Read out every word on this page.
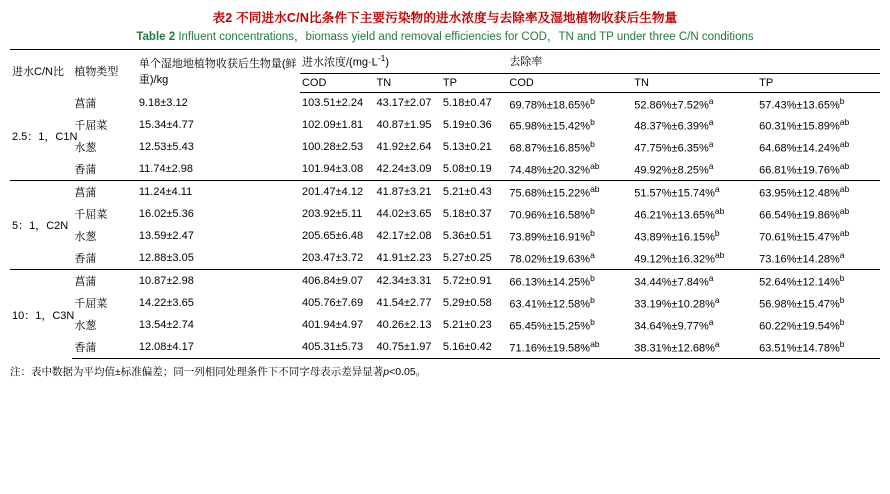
表2 不同进水C/N比条件下主要污染物的进水浓度与去除率及湿地植物收获后生物量
Table 2 Influent concentrations，biomass yield and removal efficiencies for COD，TN and TP under three C/N conditions
进水C/N比	植物类型	单个湿地地植物收获后生物量(鲜重)/kg	进水浓度$/(mg\cdot L^{-1})$			去除率		
			COD	TN	TP	COD	TN	TP
2.5：1，C1N	菖蒲	9.18±3.12	103.51±2.24	43.17±2.07	5.18±0.47	69.78%±18.65%$^b$	52.86%±7.52%$^a$	57.43%±13.65%$^b$
	千屈菜	15.34±4.77	102.09±1.81	40.87±1.95	5.19±0.36	65.98%±15.42%$^b$	48.37%±6.39%$^a$	60.31%±15.89%$^{ab}$
	水葱	12.53±5.43	100.28±2.53	41.92±2.64	5.13±0.21	68.87%±16.85%$^b$	47.75%±6.35%$^a$	64.68%±14.24%$^{ab}$
	香蒲	11.74±2.98	101.94±3.08	42.24±3.09	5.08±0.19	74.48%±20.32%$^{ab}$	49.92%±8.25%$^a$	66.81%±19.76%$^{ab}$
5：1，C2N	菖蒲	11.24±4.11	201.47±4.12	41.87±3.21	5.21±0.43	75.68%±15.22%$^{ab}$	51.57%±15.74%$^a$	63.95%±12.48%$^{ab}$
	千屈菜	16.02±5.36	203.92±5.11	44.02±3.65	5.18±0.37	70.96%±16.58%$^b$	46.21%±13.65%$^{ab}$	66.54%±19.86%$^{ab}$
	水葱	13.59±2.47	205.65±6.48	42.17±2.08	5.36±0.51	73.89%±16.91%$^b$	43.89%±16.15%$^b$	70.61%±15.47%$^{ab}$
	香蒲	12.88±3.05	203.47±3.72	41.91±2.23	5.27±0.25	78.02%±19.63%$^a$	49.12%±16.32%$^{ab}$	73.16%±14.28%$^a$
10：1，C3N	菖蒲	10.87±2.98	406.84±9.07	42.34±3.31	5.72±0.91	66.13%±14.25%$^b$	34.44%±7.84%$^a$	52.64%±12.14%$^b$
	千屈菜	14.22±3.65	405.76±7.69	41.54±2.77	5.29±0.58	63.41%±12.58%$^b$	33.19%±10.28%$^a$	56.98%±15.47%$^b$
	水葱	13.54±2.74	401.94±4.97	40.26±2.13	5.21±0.23	65.45%±15.25%$^b$	34.64%±9.77%$^a$	60.22%±19.54%$^b$
	香蒲	12.08±4.17	405.31±5.73	40.75±1.97	5.16±0.42	71.16%±19.58%$^{ab}$	38.31%±12.68%$^a$	63.51%±14.78%$^b$
注：表中数据为平均值±标准偏差；同一列相同处理条件下不同字母表示差异显著p<0.05。
